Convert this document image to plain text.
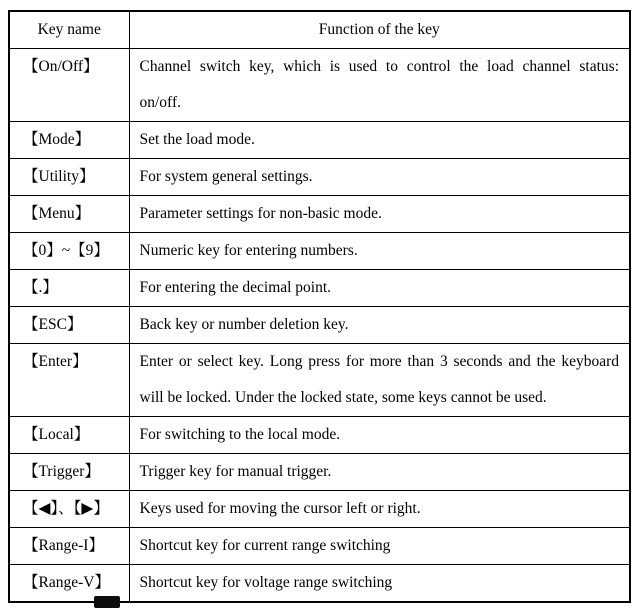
Key name	Function of the key
【On/Off】	Channel switch key, which is used to control the load channel status:
on/off.

【Mode】	Set the load mode.

【Utility】	For system general settings.

【Menu】	Parameter settings for non-basic mode.

【0】~【9】	Numeric key for entering numbers.

【.】	For entering the decimal point.

【ESC】	Back key or number deletion key.

【Enter】	Enter or select key. Long press for more than 3 seconds and the keyboard
will be locked. Under the locked state, some keys cannot be used.

【Local】	For switching to the local mode.

【Trigger】	Trigger key for manual trigger.

【◀】、【▶】	Keys used for moving the cursor left or right.

【Range-I】	Shortcut key for current range switching

【Range-V】	Shortcut key for voltage range switching
